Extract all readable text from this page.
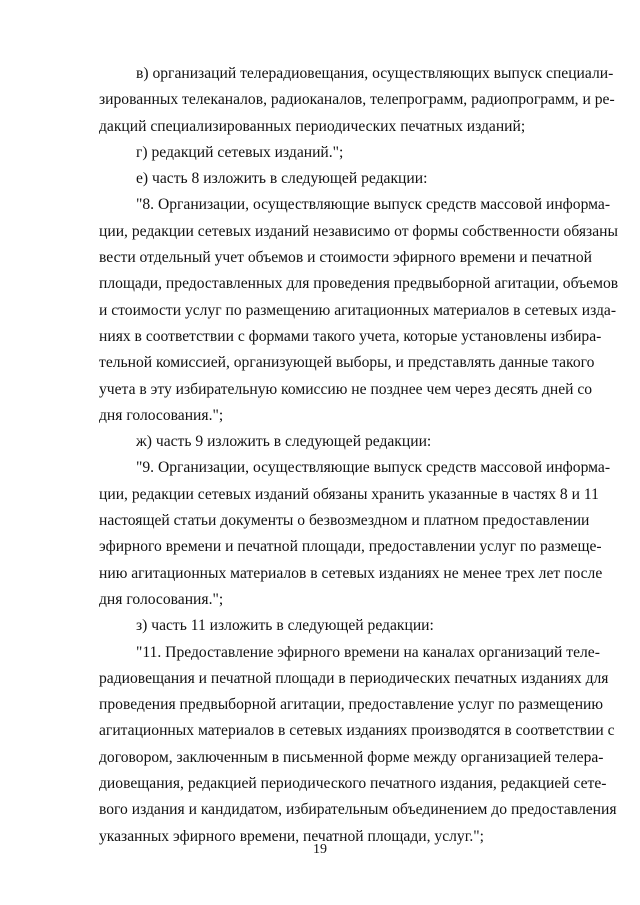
в) организаций телерадиовещания, осуществляющих выпуск специали-
зированных телеканалов, радиоканалов, телепрограмм, радиопрограмм, и ре-
дакций специализированных периодических печатных изданий;
г) редакций сетевых изданий.";
е) часть 8 изложить в следующей редакции:
"8. Организации, осуществляющие выпуск средств массовой информа-
ции, редакции сетевых изданий независимо от формы собственности обязаны
вести отдельный учет объемов и стоимости эфирного времени и печатной
площади, предоставленных для проведения предвыборной агитации, объемов
и стоимости услуг по размещению агитационных материалов в сетевых изда-
ниях в соответствии с формами такого учета, которые установлены избира-
тельной комиссией, организующей выборы, и представлять данные такого
учета в эту избирательную комиссию не позднее чем через десять дней со
дня голосования.";
ж) часть 9 изложить в следующей редакции:
"9. Организации, осуществляющие выпуск средств массовой информа-
ции, редакции сетевых изданий обязаны хранить указанные в частях 8 и 11
настоящей статьи документы о безвозмездном и платном предоставлении
эфирного времени и печатной площади, предоставлении услуг по размеще-
нию агитационных материалов в сетевых изданиях не менее трех лет после
дня голосования.";
з) часть 11 изложить в следующей редакции:
"11. Предоставление эфирного времени на каналах организаций теле-
радиовещания и печатной площади в периодических печатных изданиях для
проведения предвыборной агитации, предоставление услуг по размещению
агитационных материалов в сетевых изданиях производятся в соответствии с
договором, заключенным в письменной форме между организацией телера-
диовещания, редакцией периодического печатного издания, редакцией сете-
вого издания и кандидатом, избирательным объединением до предоставления
указанных эфирного времени, печатной площади, услуг.";
19
